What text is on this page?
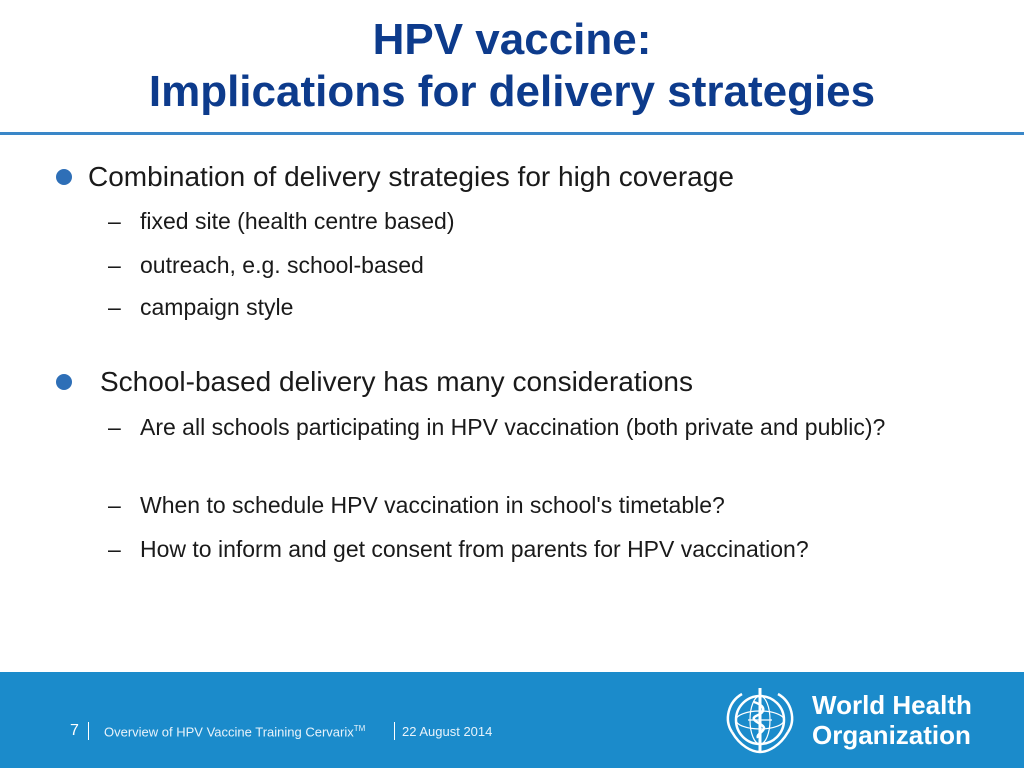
HPV vaccine:
Implications for delivery strategies
Combination of delivery strategies for high coverage
– fixed site (health centre based)
– outreach, e.g. school-based
– campaign style
School-based delivery has many considerations
– Are all schools participating in HPV vaccination (both private and public)?
– When to schedule HPV vaccination in school's timetable?
– How to inform and get consent from parents for HPV vaccination?
7 Overview of HPV Vaccine Training Cervarix™	22 August 2014
World Health
Organization
